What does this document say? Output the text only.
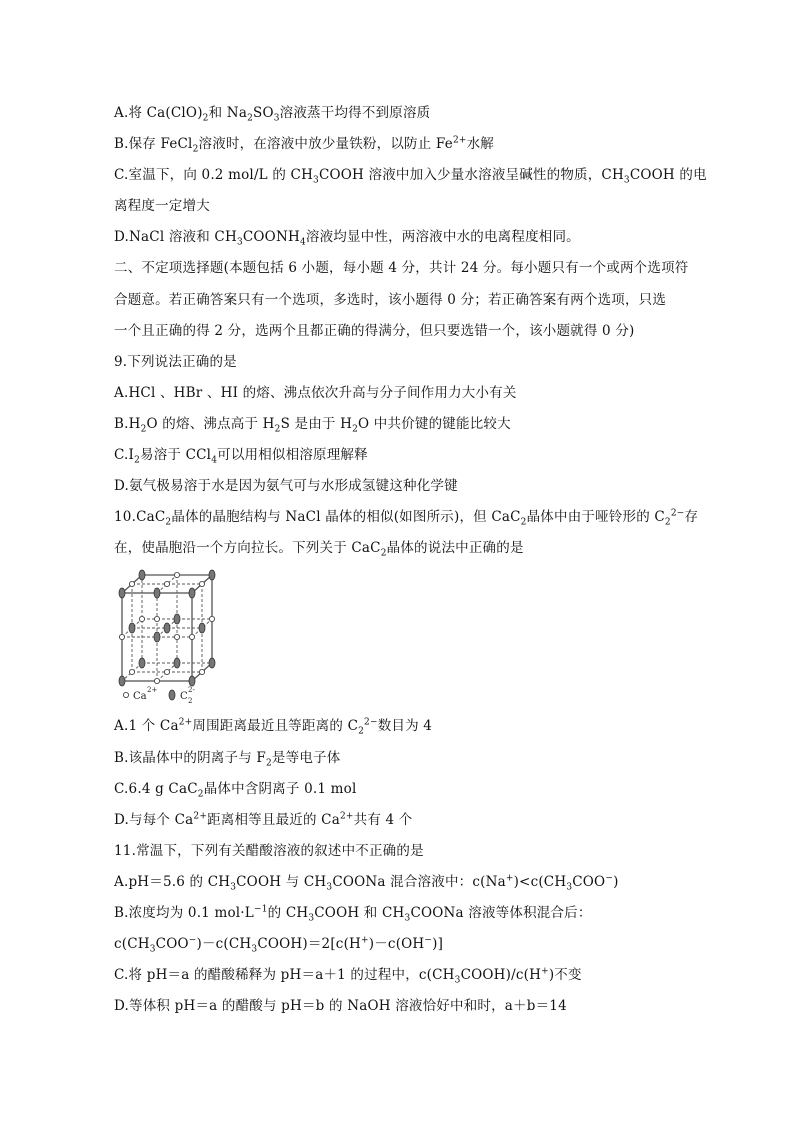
A.将 $Ca(ClO)_2$和 $Na_2SO_3$溶液蒸干均得不到原溶质
B.保存 FeCl$_2$溶液时，在溶液中放少量铁粉，以防止 $Fe^{2+}$水解
C.室温下，向 0.2 mol/L 的 $CH_3COOH$ 溶液中加入少量水溶液呈碱性的物质，$CH_3COOH$ 的电
离程度一定增大
D.NaCl 溶液和 $CH_3COONH_4$溶液均显中性，两溶液中水的电离程度相同。
二、不定项选择题(本题包括 6 小题，每小题 4 分，共计 24 分。每小题只有一个或两个选项符
合题意。若正确答案只有一个选项，多选时，该小题得 0 分；若正确答案有两个选项，只选
一个且正确的得 2 分，选两个且都正确的得满分，但只要选错一个，该小题就得 0 分)
9.下列说法正确的是
A.HCl 、HBr 、HI 的熔、沸点依次升高与分子间作用力大小有关
$B.H_2O$ 的熔、沸点高于 $H_2S$ 是由于 $H_2O$ 中共价键的键能比较大
$C.I_2$易溶于 CCl$_4$可以用相似相溶原理解释
D.氨气极易溶于水是因为氨气可与水形成氢键这种化学键
10.CaC$_2$晶体的晶胞结构与 NaCl 晶体的相似(如图所示)，但 CaC$_2$晶体中由于哑铃形的 $C_2^{2-}$存
在，使晶胞沿一个方向拉长。下列关于 CaC$_2$晶体的说法中正确的是
Ca
2+
C 2
2-
A.1 个 $Ca^{2+}$周围距离最近且等距离的 $C_2^{2-}$数目为 4
B.该晶体中的阴离子与 $F_2$是等电子体
C.6.4 g CaC$_2$晶体中含阴离子 0.1 mol
D.与每个 $Ca^{2+}$距离相等且最近的 $Ca^{2+}$共有 4 个
11.常温下，下列有关醋酸溶液的叙述中不正确的是
A.pH＝5.6 的 $CH_3COOH$ 与 $CH_3COONa$ 混合溶液中：$c(Na^+)<c(CH_3COO^-)$
B.浓度均为 0.1 $mol\cdot L^{-1}$的 $CH_3COOH$ 和 $CH_3COONa$ 溶液等体积混合后：
$c(CH_3COO^-)-c(CH_3COOH)=2[c(H^+)-c(OH^-)]$
C.将 pH＝a 的醋酸稀释为 pH＝a＋1 的过程中，$c(CH_3COOH)/c(H^+)$不变
D.等体积 pH＝a 的醋酸与 pH＝b 的 NaOH 溶液恰好中和时，a＋b＝14
